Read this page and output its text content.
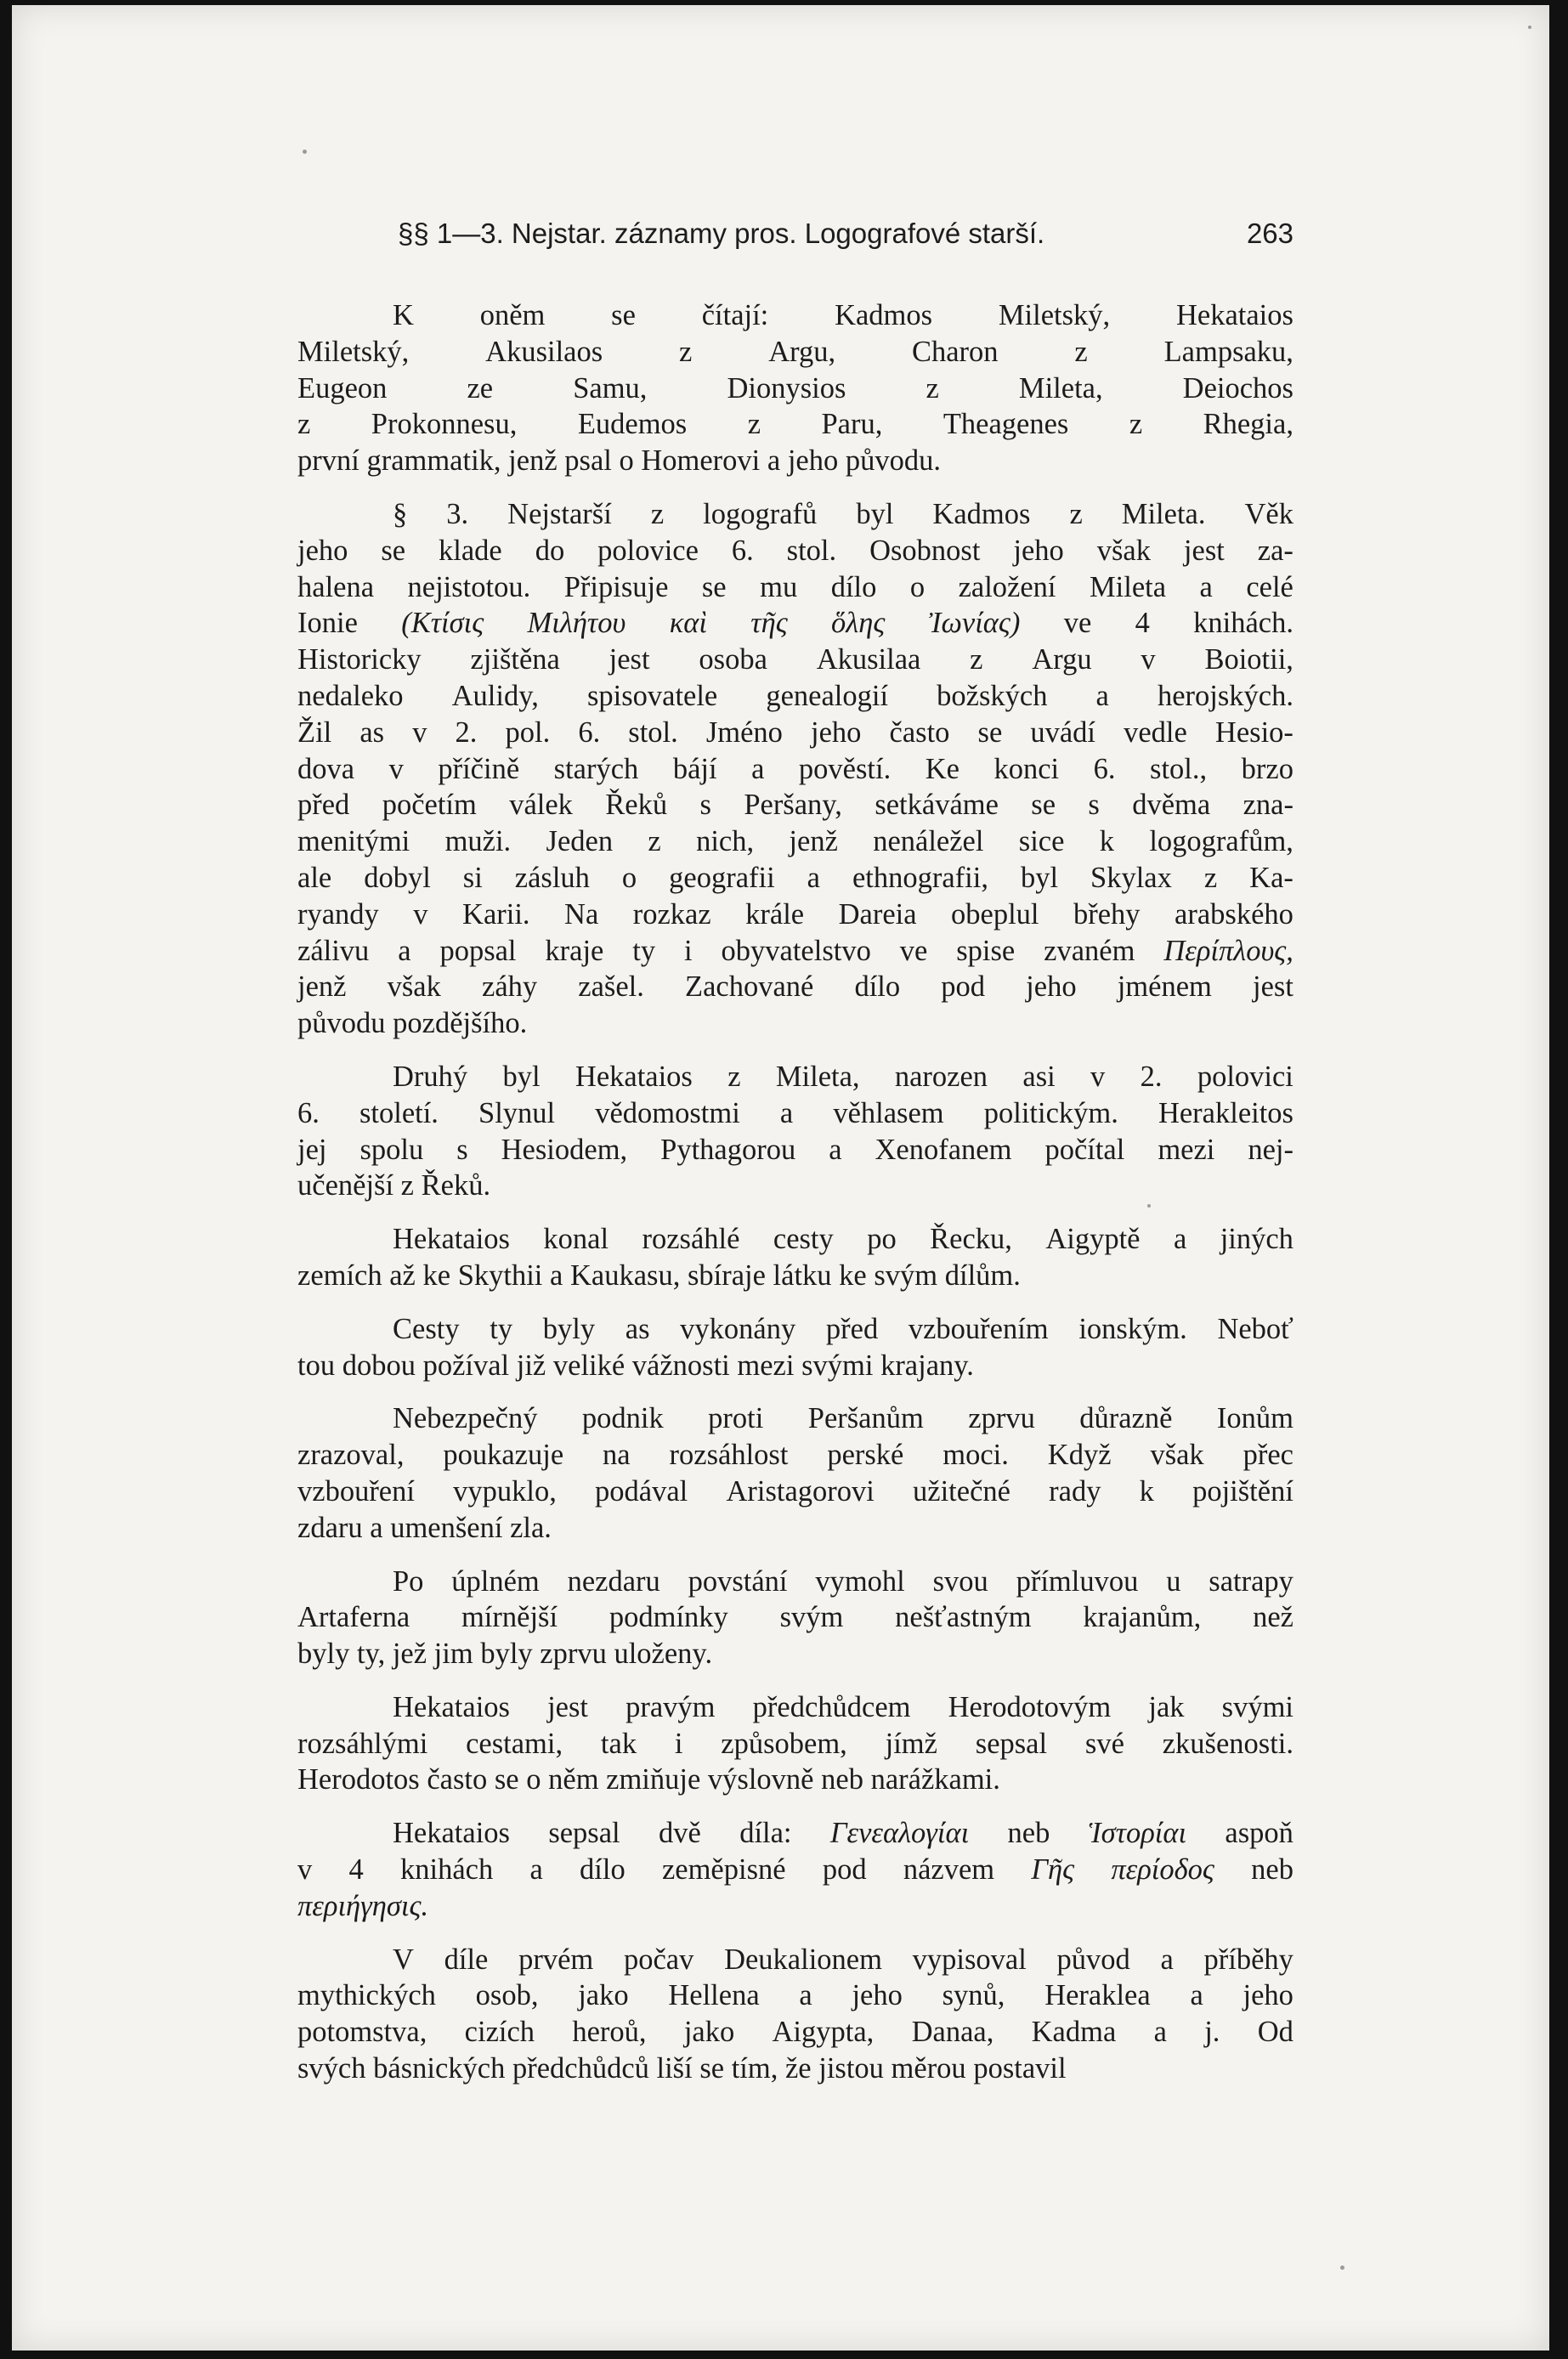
§§ 1—3. Nejstar. záznamy pros. Logografové starší.	263
K oněm se čítají: Kadmos Miletský, Hekataios
Miletský,	Akusilaos	z	Argu,	Charon	z	Lampsaku,
Eugeon	ze	Samu,	Dionysios	z	Mileta,	Deiochos
z Prokonnesu, Eudemos z Paru, Theagenes z Rhegia,
první
grammatik,
jenž
psal
o
Homerovi
a
jeho
původu.
§ 3. Nejstarší z logografů byl Kadmos z Mileta. Věk
jeho se klade do polovice 6. stol. Osobnost jeho však jest za-
halena nejistotou. Připisuje se mu dílo o založení Mileta a celé
Ionie (Κτίσις Μιλήτου καὶ τῆς ὅλης Ἰωνίας) ve 4 knihách.
Historicky zjištěna jest osoba Akusilaa z Argu v Boiotii,
nedaleko Aulidy, spisovatele genealogií božských a herojských.
Žil as v 2. pol. 6. stol. Jméno jeho často se uvádí vedle Hesio-
dova v příčině starých bájí a pověstí. Ke konci 6. stol., brzo
před početím válek Řeků s Peršany, setkáváme se s dvěma zna-
menitými muži. Jeden z nich, jenž nenáležel sice k logografům,
ale dobyl si zásluh o geografii a ethnografii, byl Skylax z Ka-
ryandy v Karii. Na rozkaz krále Dareia obeplul břehy arabského
zálivu a popsal kraje ty i obyvatelstvo ve spise zvaném Περίπλους,
jenž však záhy zašel. Zachované dílo pod jeho jménem jest
původu
pozdějšího.
Druhý byl Hekataios z Mileta, narozen asi v 2. polovici
6. století. Slynul vědomostmi a věhlasem politickým. Herakleitos
jej spolu s Hesiodem, Pythagorou a Xenofanem počítal mezi nej-
učenější
z
Řeků.
Hekataios konal rozsáhlé cesty po Řecku, Aigyptě a jiných
zemích
až
ke
Skythii
a
Kaukasu,
sbíraje
látku
ke
svým
dílům.
Cesty ty byly as vykonány před vzbouřením ionským. Neboť
tou
dobou
požíval
již
veliké
vážnosti
mezi
svými
krajany.
Nebezpečný podnik proti Peršanům zprvu důrazně Ionům
zrazoval, poukazuje na rozsáhlost perské moci. Když však přec
vzbouření vypuklo, podával Aristagorovi užitečné rady k pojištění
zdaru
a
umenšení
zla.
Po úplném nezdaru povstání vymohl svou přímluvou u satrapy
Artaferna mírnější podmínky svým nešťastným krajanům, než
byly
ty,
jež
jim
byly
zprvu
uloženy.
Hekataios jest pravým předchůdcem Herodotovým jak svými
rozsáhlými cestami, tak i způsobem, jímž sepsal své zkušenosti.
Herodotos
často
se
o
něm
zmiňuje
výslovně
neb
narážkami.
Hekataios sepsal dvě díla: Γενεαλογίαι neb Ἱστορίαι aspoň
v 4 knihách a dílo zeměpisné pod názvem Γῆς περίοδος neb
περιήγησις.
V díle prvém počav Deukalionem vypisoval původ a příběhy
mythických osob, jako Hellena a jeho synů, Heraklea a jeho
potomstva, cizích heroů, jako Aigypta, Danaa, Kadma a j. Od
svých
básnických
předchůdců
liší
se
tím,
že
jistou
měrou
postavil
